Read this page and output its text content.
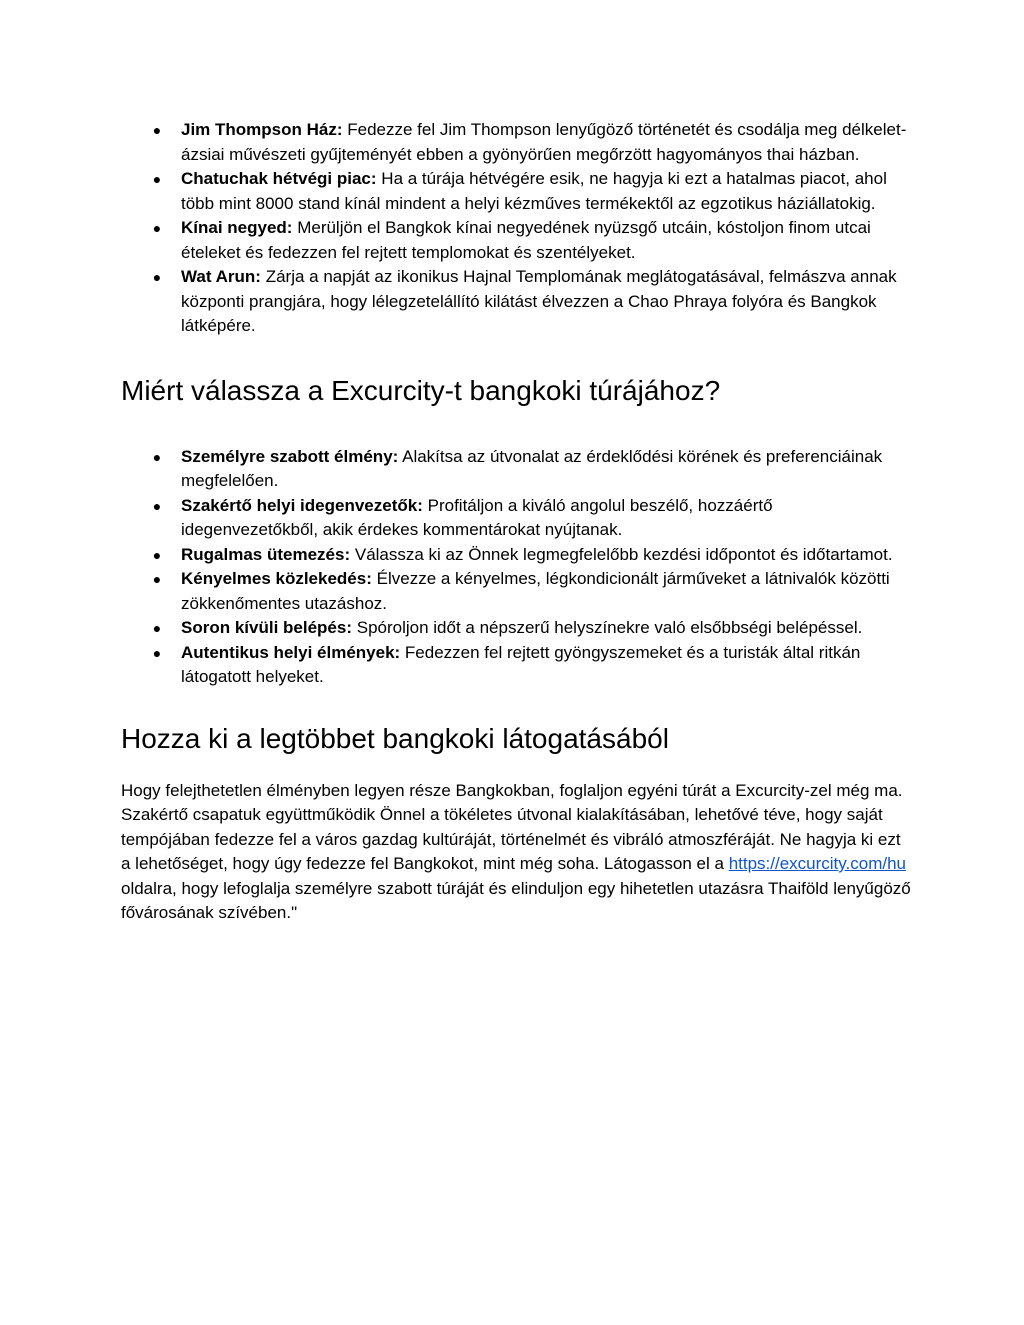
●	Jim Thompson Ház: Fedezze fel Jim Thompson lenyűgöző történetét és csodálja meg délkelet-ázsiai művészeti gyűjteményét ebben a gyönyörűen megőrzött hagyományos thai házban.
●	Chatuchak hétvégi piac: Ha a túrája hétvégére esik, ne hagyja ki ezt a hatalmas piacot, ahol több mint 8000 stand kínál mindent a helyi kézműves termékektől az egzotikus háziállatokig.
●	Kínai negyed: Merüljön el Bangkok kínai negyedének nyüzsgő utcáin, kóstoljon finom utcai ételeket és fedezzen fel rejtett templomokat és szentélyeket.
●	Wat Arun: Zárja a napját az ikonikus Hajnal Templomának meglátogatásával, felmászva annak központi prangjára, hogy lélegzetelállító kilátást élvezzen a Chao Phraya folyóra és Bangkok látképére.
Miért válassza a Excurcity-t bangkoki túrájához?
●	Személyre szabott élmény: Alakítsa az útvonalat az érdeklődési körének és preferenciáinak megfelelően.
●	Szakértő helyi idegenvezetők: Profitáljon a kiváló angolul beszélő, hozzáértő idegenvezetőkből, akik érdekes kommentárokat nyújtanak.
●	Rugalmas ütemezés: Válassza ki az Önnek legmegfelelőbb kezdési időpontot és időtartamot.
●	Kényelmes közlekedés: Élvezze a kényelmes, légkondicionált járműveket a látnivalók közötti zökkenőmentes utazáshoz.
●	Soron kívüli belépés: Spóroljon időt a népszerű helyszínekre való elsőbbségi belépéssel.
●	Autentikus helyi élmények: Fedezzen fel rejtett gyöngyszemeket és a turisták által ritkán látogatott helyeket.
Hozza ki a legtöbbet bangkoki látogatásából

Hogy felejthetetlen élményben legyen része Bangkokban, foglaljon egyéni túrát a Excurcity-zel még ma. Szakértő csapatuk együttműködik Önnel a tökéletes útvonal kialakításában, lehetővé téve, hogy saját tempójában fedezze fel a város gazdag kultúráját, történelmét és vibráló atmoszféráját. Ne hagyja ki ezt a lehetőséget, hogy úgy fedezze fel Bangkokot, mint még soha. Látogasson el a https://excurcity.com/hu oldalra, hogy lefoglalja személyre szabott túráját és elinduljon egy hihetetlen utazásra Thaiföld lenyűgöző fővárosának szívében."
